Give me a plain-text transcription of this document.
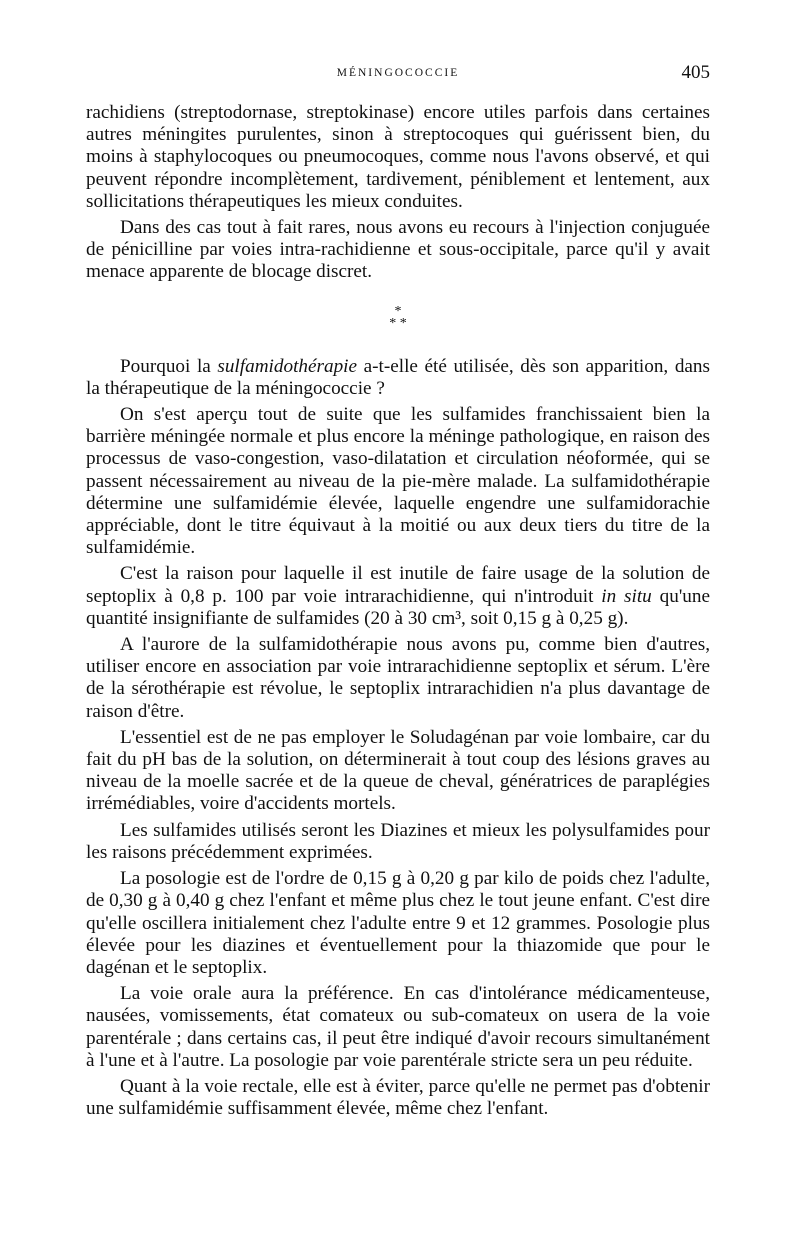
MÉNINGOCOCCIE	405

rachidiens (streptodornase, streptokinase) encore utiles parfois dans certaines autres méningites purulentes, sinon à streptocoques qui guérissent bien, du moins à staphylocoques ou pneumocoques, comme nous l'avons observé, et qui peuvent répondre incomplètement, tardivement, péniblement et lentement, aux sollicitations thérapeutiques les mieux conduites.

Dans des cas tout à fait rares, nous avons eu recours à l'injection conjuguée de pénicilline par voies intra-rachidienne et sous-occipitale, parce qu'il y avait menace apparente de blocage discret.

*
* *

Pourquoi la sulfamidothérapie a-t-elle été utilisée, dès son apparition, dans la thérapeutique de la méningococcie ?

On s'est aperçu tout de suite que les sulfamides franchissaient bien la barrière méningée normale et plus encore la méninge pathologique, en raison des processus de vaso-congestion, vaso-dilatation et circulation néoformée, qui se passent nécessairement au niveau de la pie-mère malade. La sulfamidothérapie détermine une sulfamidémie élevée, laquelle engendre une sulfamidorachie appréciable, dont le titre équivaut à la moitié ou aux deux tiers du titre de la sulfamidémie.

C'est la raison pour laquelle il est inutile de faire usage de la solution de septoplix à 0,8 p. 100 par voie intrarachidienne, qui n'introduit in situ qu'une quantité insignifiante de sulfamides (20 à 30 cm³, soit 0,15 g à 0,25 g).

A l'aurore de la sulfamidothérapie nous avons pu, comme bien d'autres, utiliser encore en association par voie intrarachidienne septoplix et sérum. L'ère de la sérothérapie est révolue, le septoplix intrarachidien n'a plus davantage de raison d'être.

L'essentiel est de ne pas employer le Soludagénan par voie lombaire, car du fait du pH bas de la solution, on déterminerait à tout coup des lésions graves au niveau de la moelle sacrée et de la queue de cheval, génératrices de paraplégies irrémédiables, voire d'accidents mortels.

Les sulfamides utilisés seront les Diazines et mieux les polysulfamides pour les raisons précédemment exprimées.

La posologie est de l'ordre de 0,15 g à 0,20 g par kilo de poids chez l'adulte, de 0,30 g à 0,40 g chez l'enfant et même plus chez le tout jeune enfant. C'est dire qu'elle oscillera initialement chez l'adulte entre 9 et 12 grammes. Posologie plus élevée pour les diazines et éventuellement pour la thiazomide que pour le dagénan et le septoplix.

La voie orale aura la préférence. En cas d'intolérance médicamenteuse, nausées, vomissements, état comateux ou sub-comateux on usera de la voie parentérale ; dans certains cas, il peut être indiqué d'avoir recours simultanément à l'une et à l'autre. La posologie par voie parentérale stricte sera un peu réduite.

Quant à la voie rectale, elle est à éviter, parce qu'elle ne permet pas d'obtenir une sulfamidémie suffisamment élevée, même chez l'enfant.
